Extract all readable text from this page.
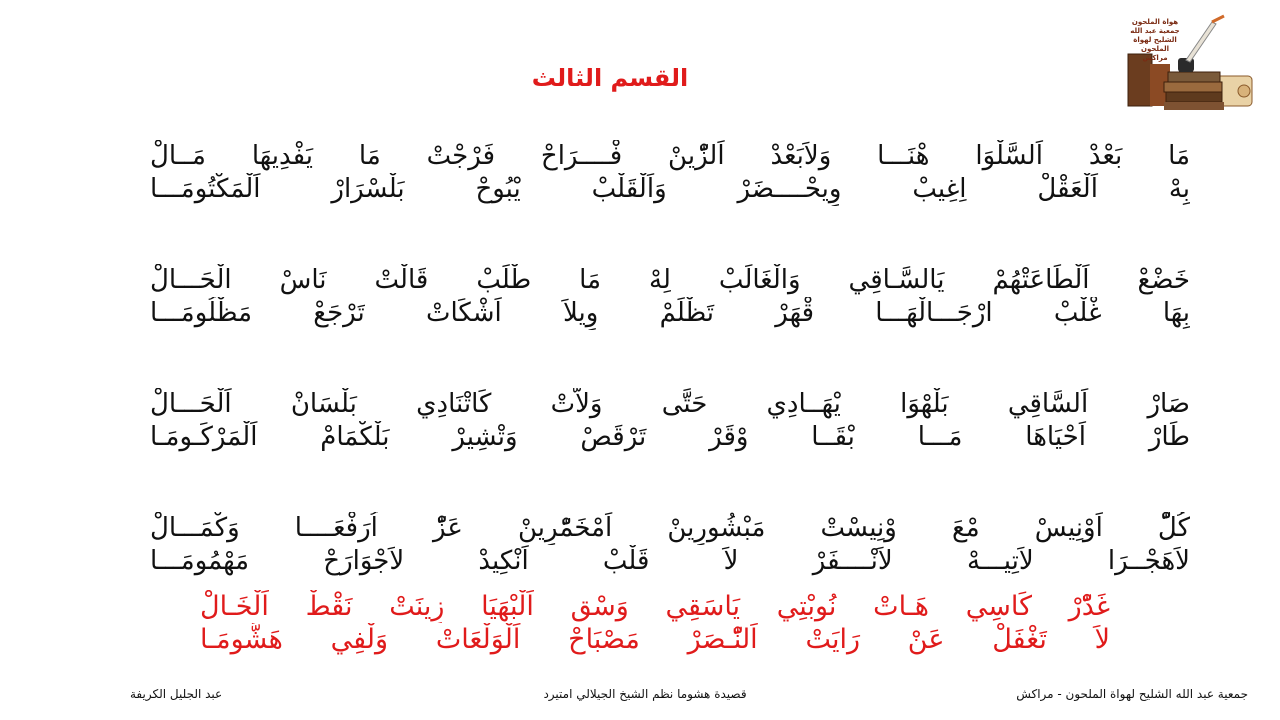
القسم الثالث
هواة الملحون
جمعية عبد الله الشليح لهواة الملحون
مراكش
مَا بَعْدْ اَلسَّلْوَا هْنَـــا وَلاَبَعْدْ اَلزّْينْ فْــــرَاحْ فَرْجْتْ مَا يَفْدِيهَا مَــالْ
بِهْ اَلْعَقْلْ اِغِيبْ وِيحْــــضَرْ وَاَلْقَلْبْ يْبُوحْ بَلْسْرَارْ اَلْمَكْتُومَـــا
خَضْعْ اَلْطَاعَتْهُمْ يَالسَّـاقِي وَالْغَالَبْ لِهْ مَا طْلَبْ قَالْتْ نَاسْ الْحَـــالْ
بِهَا غْلْبْ ارْجَـــالْهَـــا قْهَرْ تَظْلَمْ وِيلاَ اَشْكَاتْ تَرْجَعْ مَظْلُومَـــا
صَارْ اَلسَّاقِي بَلْهْوَا يْهَــادِي حَتَّى وَلاَّتْ كَاتْنَادِي بَلْسَانْ اَلْحَـــالْ
طَارْ اَحْيَاهَا مَـــا بْقَــا وْقَرْ تَرْقَصْ وَتْشِيرْ بَلْكْمَامْ اَلْمَرْكَـومَـا
كُلّْ اَوْنِيسْ مْعَ وْنِيسْتْ مَبْشُورِينْ اَمْخَمّْرِينْ عَزّْ اُرَفْعَــــا وَكْمَـــالْ
لاَهَجْــرَا لاَتِيـــهْ لاَنْــــفَرْ لاَ قَلْبْ اَنْكِيدْ لاَجْوَارَحْ مَهْمُومَـــا
غَدّْرْ كَاسِي هَـاتْ نُوبْتِي يَاسَقِي وَسْقِ اَلْبْهَيَا زِينَتْ نَقْطْ اَلْخَـالْ
لاَ تَغْفَلْ عَنْ رَايَتْ اَلنّْـصَرْ مَصْبَاحْ اَلْوَلْعَاتْ وَلْفِي هَشُّومَـا
جمعية عبد الله الشليح لهواة الملحون - مراكش
قصيدة هشوما نظم الشيخ الجيلالي امتيرد
عبد الجليل الكريفة
